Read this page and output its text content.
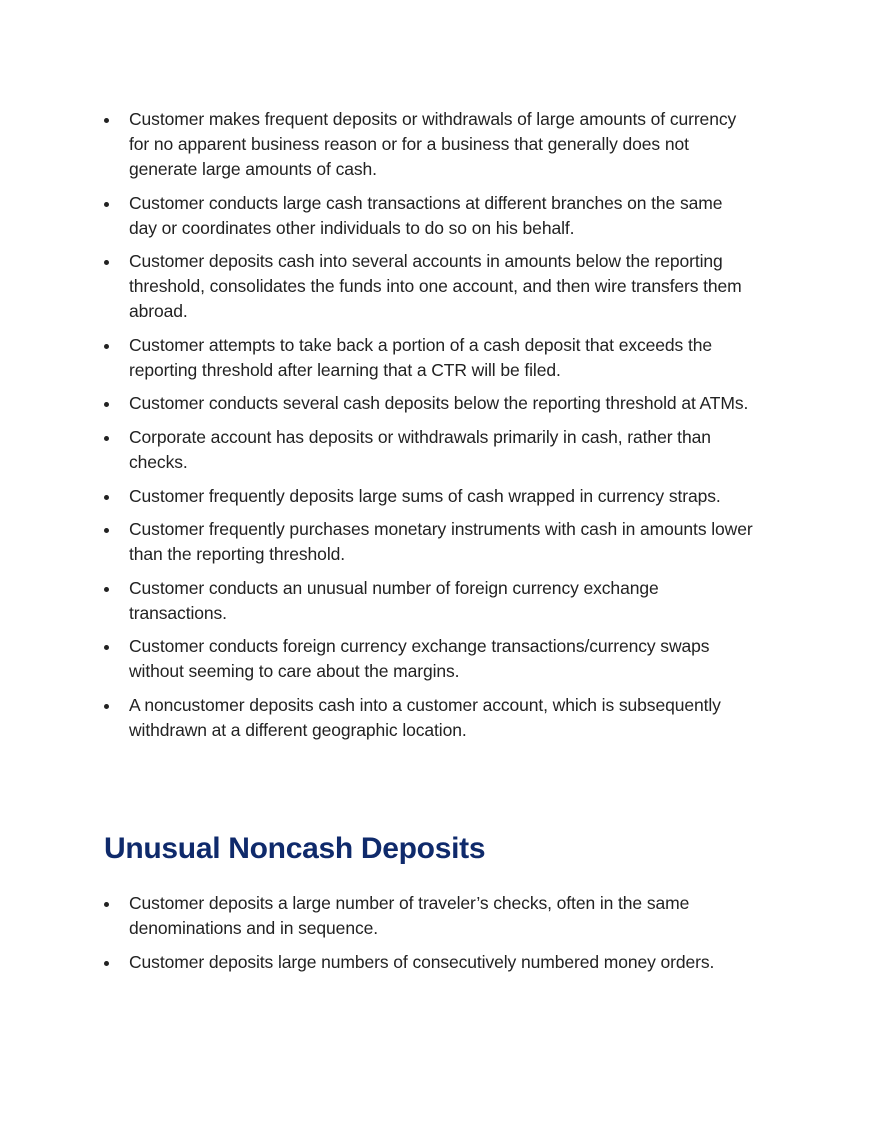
Customer makes frequent deposits or withdrawals of large amounts of currency for no apparent business reason or for a business that generally does not generate large amounts of cash.
Customer conducts large cash transactions at different branches on the same day or coordinates other individuals to do so on his behalf.
Customer deposits cash into several accounts in amounts below the reporting threshold, consolidates the funds into one account, and then wire transfers them abroad.
Customer attempts to take back a portion of a cash deposit that exceeds the reporting threshold after learning that a CTR will be filed.
Customer conducts several cash deposits below the reporting threshold at ATMs.
Corporate account has deposits or withdrawals primarily in cash, rather than checks.
Customer frequently deposits large sums of cash wrapped in currency straps.
Customer frequently purchases monetary instruments with cash in amounts lower than the reporting threshold.
Customer conducts an unusual number of foreign currency exchange transactions.
Customer conducts foreign currency exchange transactions/currency swaps without seeming to care about the margins.
A noncustomer deposits cash into a customer account, which is subsequently withdrawn at a different geographic location.
Unusual Noncash Deposits
Customer deposits a large number of traveler’s checks, often in the same denominations and in sequence.
Customer deposits large numbers of consecutively numbered money orders.
